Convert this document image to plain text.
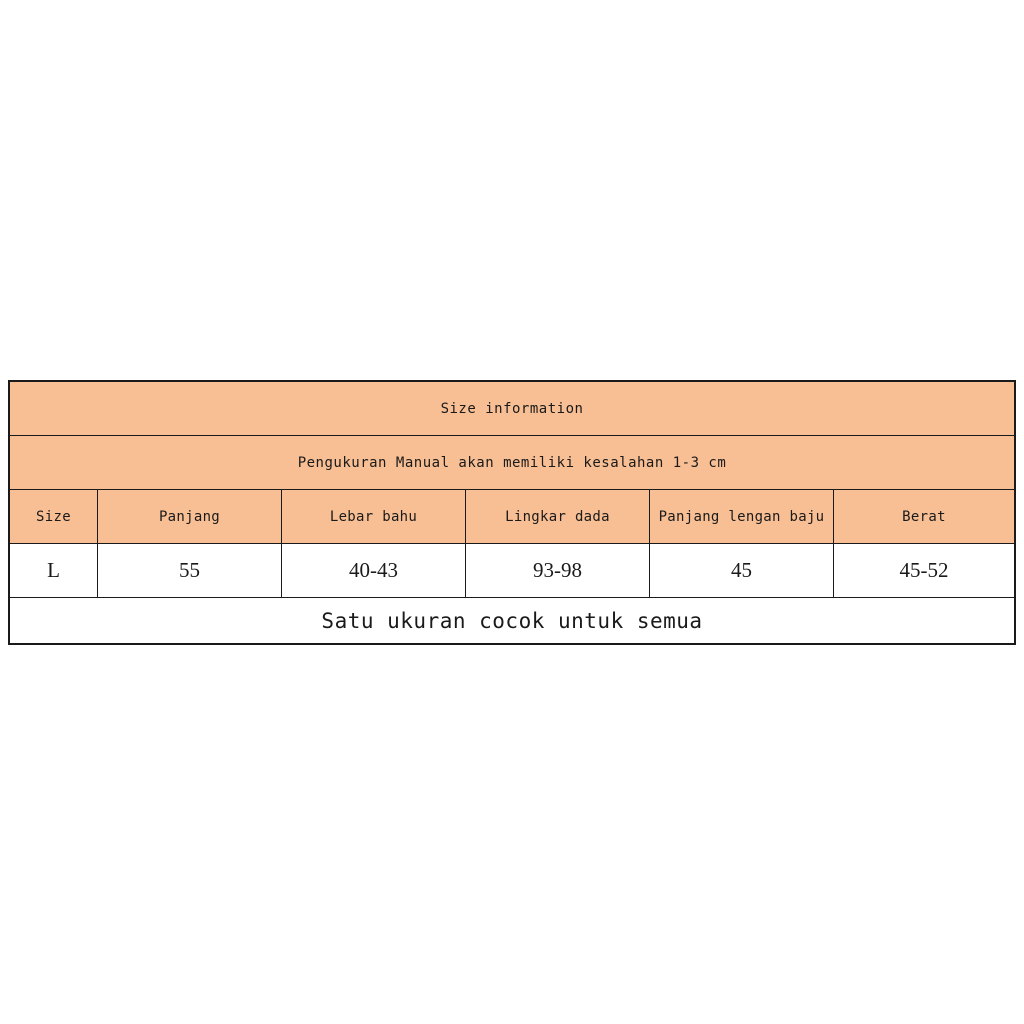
Size information
Pengukuran Manual akan memiliki kesalahan 1-3 cm
Size	Panjang	Lebar bahu	Lingkar dada	Panjang lengan baju	Berat
L	55	40-43	93-98	45	45-52
Satu ukuran cocok untuk semua
